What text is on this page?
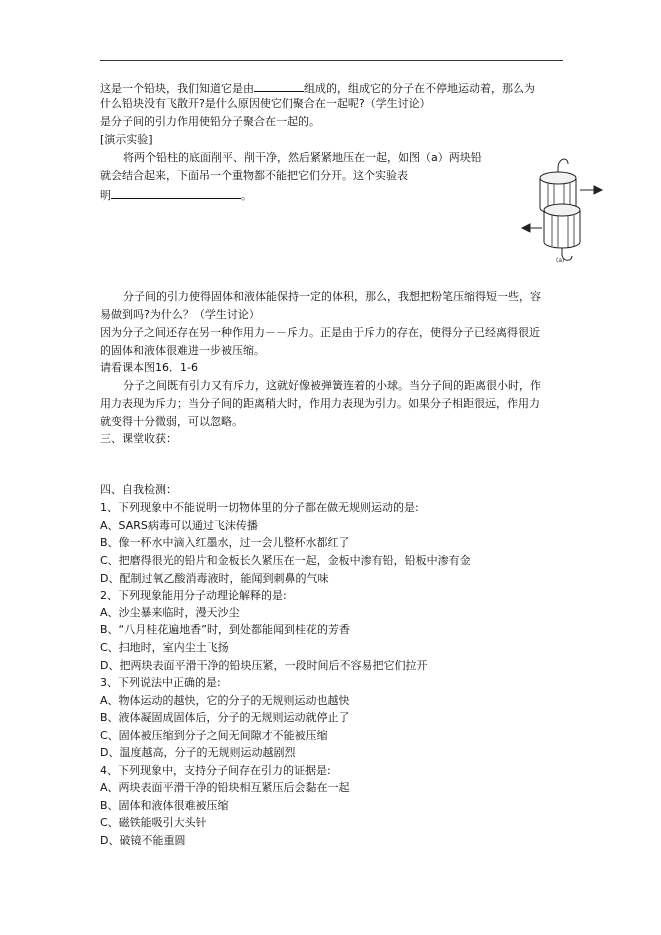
这是一个铅块，我们知道它是由	组成的，组成它的分子在不停地运动着，那么为
什么铅块没有飞散开?是什么原因使它们聚合在一起呢?（学生讨论）
是分子间的引力作用使铅分子聚合在一起的。
[演示实验]
将两个铅柱的底面削平、削干净，然后紧紧地压在一起，如图（a）两块铅
就会结合起来，下面吊一个重物都不能把它们分开。这个实验表
明	。
(a)
分子间的引力使得固体和液体能保持一定的体积，那么，我想把粉笔压缩得短一些，容
易做到吗?为什么？（学生讨论）
因为分子之间还存在另一种作用力－－斥力。正是由于斥力的存在，使得分子已经离得很近
的固体和液体很难进一步被压缩。
请看课本图16．1-6
分子之间既有引力又有斥力，这就好像被弹簧连着的小球。当分子间的距离很小时，作
用力表现为斥力；当分子间的距离稍大时，作用力表现为引力。如果分子相距很远，作用力
就变得十分微弱，可以忽略。
三、课堂收获：
四、自我检测：
1、下列现象中不能说明一切物体里的分子都在做无规则运动的是:
A、SARS病毒可以通过飞沫传播
B、像一杯水中滴入红墨水，过一会儿整杯水都红了
C、把磨得很光的铅片和金板长久紧压在一起，金板中渗有铅，铅板中渗有金
D、配制过氧乙酸消毒液时，能闻到刺鼻的气味
2、下列现象能用分子动理论解释的是:
A、沙尘暴来临时，漫天沙尘
B、“八月桂花遍地香”时，到处都能闻到桂花的芳香
C、扫地时，室内尘土飞扬
D、把两块表面平滑干净的铅块压紧，一段时间后不容易把它们拉开
3、下列说法中正确的是:
A、物体运动的越快，它的分子的无规则运动也越快
B、液体凝固成固体后，分子的无规则运动就停止了
C、固体被压缩到分子之间无间隙才不能被压缩
D、温度越高，分子的无规则运动越剧烈
4、下列现象中，支持分子间存在引力的证据是:
A、两块表面平滑干净的铅块相互紧压后会黏在一起
B、固体和液体很难被压缩
C、磁铁能吸引大头针
D、破镜不能重圆
